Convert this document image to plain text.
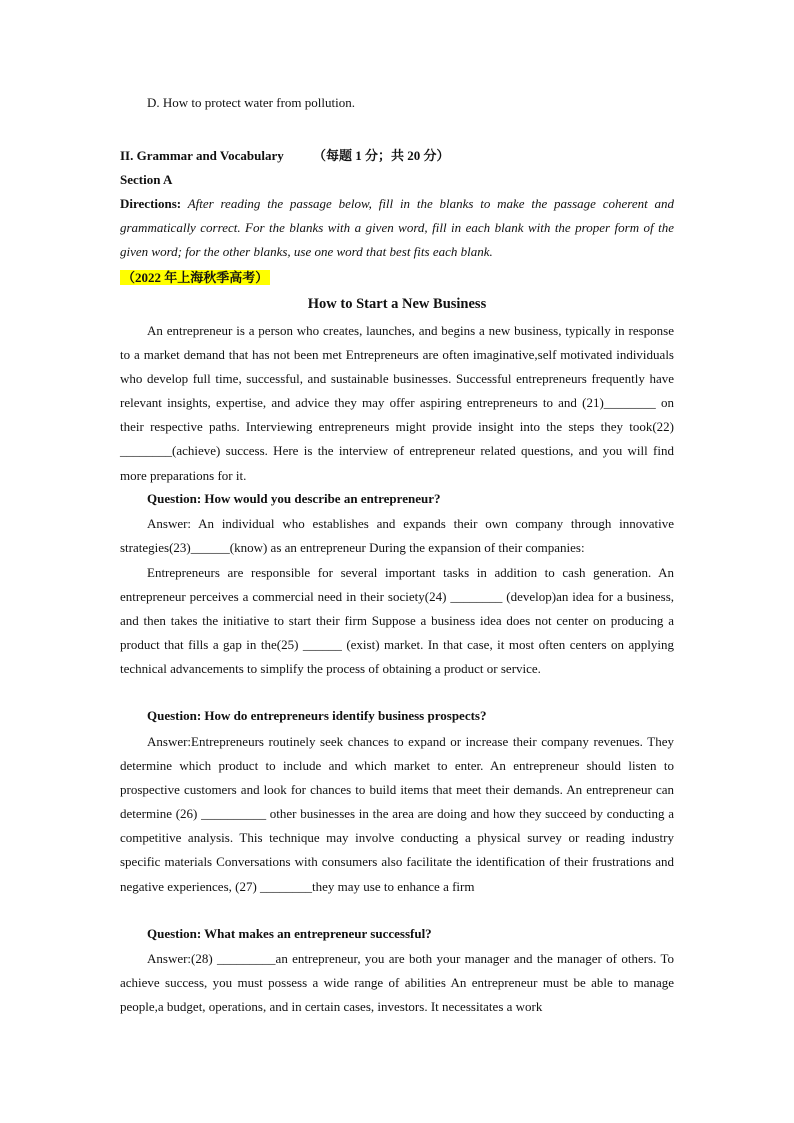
D. How to protect water from pollution.
II. Grammar and Vocabulary （每题 1 分；共 20 分）
Section A

Directions: After reading the passage below, fill in the blanks to make the passage coherent and grammatically correct. For the blanks with a given word, fill in each blank with the proper form of the given word; for the other blanks, use one word that best fits each blank.

（2022 年上海秋季高考）
How to Start a New Business

An entrepreneur is a person who creates, launches, and begins a new business, typically in response to a market demand that has not been met Entrepreneurs are often imaginative,self motivated individuals who develop full time, successful, and sustainable businesses. Successful entrepreneurs frequently have relevant insights, expertise, and advice they may offer aspiring entrepreneurs to and (21)________ on their respective paths. Interviewing entrepreneurs might provide insight into the steps they took(22) ________(achieve) success. Here is the interview of entrepreneur related questions, and you will find more preparations for it.

Question: How would you describe an entrepreneur?

Answer: An individual who establishes and expands their own company through innovative strategies(23)______(know) as an entrepreneur During the expansion of their companies:

Entrepreneurs are responsible for several important tasks in addition to cash generation. An entrepreneur perceives a commercial need in their society(24) ________ (develop)an idea for a business, and then takes the initiative to start their firm Suppose a business idea does not center on producing a product that fills a gap in the(25) ______ (exist) market. In that case, it most often centers on applying technical advancements to simplify the process of obtaining a product or service.

Question: How do entrepreneurs identify business prospects?

Answer:Entrepreneurs routinely seek chances to expand or increase their company revenues. They determine which product to include and which market to enter. An entrepreneur should listen to prospective customers and look for chances to build items that meet their demands. An entrepreneur can determine (26) __________ other businesses in the area are doing and how they succeed by conducting a competitive analysis. This technique may involve conducting a physical survey or reading industry specific materials Conversations with consumers also facilitate the identification of their frustrations and negative experiences, (27) ________they may use to enhance a firm

Question: What makes an entrepreneur successful?

Answer:(28) _________an entrepreneur, you are both your manager and the manager of others. To achieve success, you must possess a wide range of abilities An entrepreneur must be able to manage people,a budget, operations, and in certain cases, investors. It necessitates a work
